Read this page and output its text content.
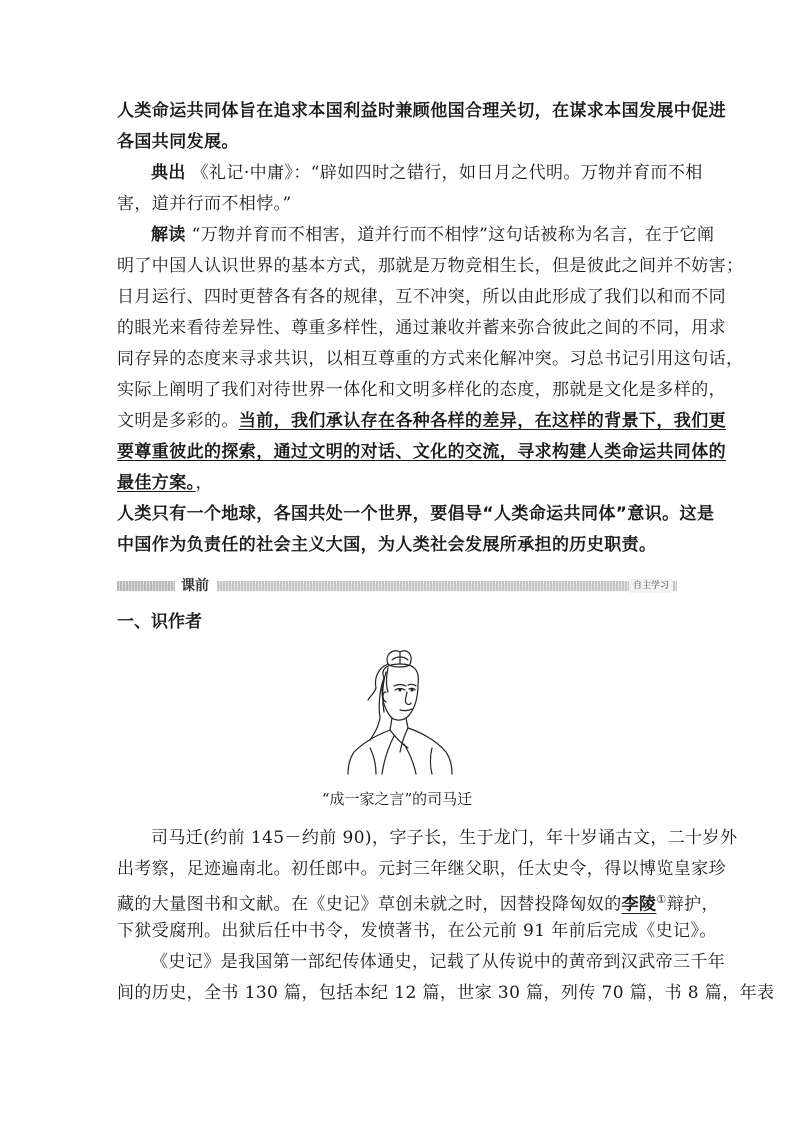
人类命运共同体旨在追求本国利益时兼顾他国合理关切，在谋求本国发展中促进
各国共同发展。
典出 《礼记·中庸》：“辟如四时之错行，如日月之代明。万物并育而不相
害，道并行而不相悖。”
解读 “万物并育而不相害，道并行而不相悖”这句话被称为名言，在于它阐
明了中国人认识世界的基本方式，那就是万物竞相生长，但是彼此之间并不妨害；
日月运行、四时更替各有各的规律，互不冲突，所以由此形成了我们以和而不同
的眼光来看待差异性、尊重多样性，通过兼收并蓄来弥合彼此之间的不同，用求
同存异的态度来寻求共识，以相互尊重的方式来化解冲突。习总书记引用这句话，
实际上阐明了我们对待世界一体化和文明多样化的态度，那就是文化是多样的，
文明是多彩的。当前，我们承认存在各种各样的差异，在这样的背景下，我们更
要尊重彼此的探索，通过文明的对话、文化的交流，寻求构建人类命运共同体的
最佳方案。，
人类只有一个地球，各国共处一个世界，要倡导“人类命运共同体”意识。这是
中国作为负责任的社会主义大国，为人类社会发展所承担的历史职责。
课前	自主学习
一、识作者
“成一家之言”的司马迁
司马迁(约前 145－约前 90)，字子长，生于龙门，年十岁诵古文，二十岁外
出考察，足迹遍南北。初任郎中。元封三年继父职，任太史令，得以博览皇家珍
藏的大量图书和文献。在《史记》草创未就之时，因替投降匈奴的李陵①辩护，
下狱受腐刑。出狱后任中书令，发愤著书，在公元前 91 年前后完成《史记》。
《史记》是我国第一部纪传体通史，记载了从传说中的黄帝到汉武帝三千年
间的历史，全书 130 篇，包括本纪 12 篇，世家 30 篇，列传 70 篇，书 8 篇，年表
